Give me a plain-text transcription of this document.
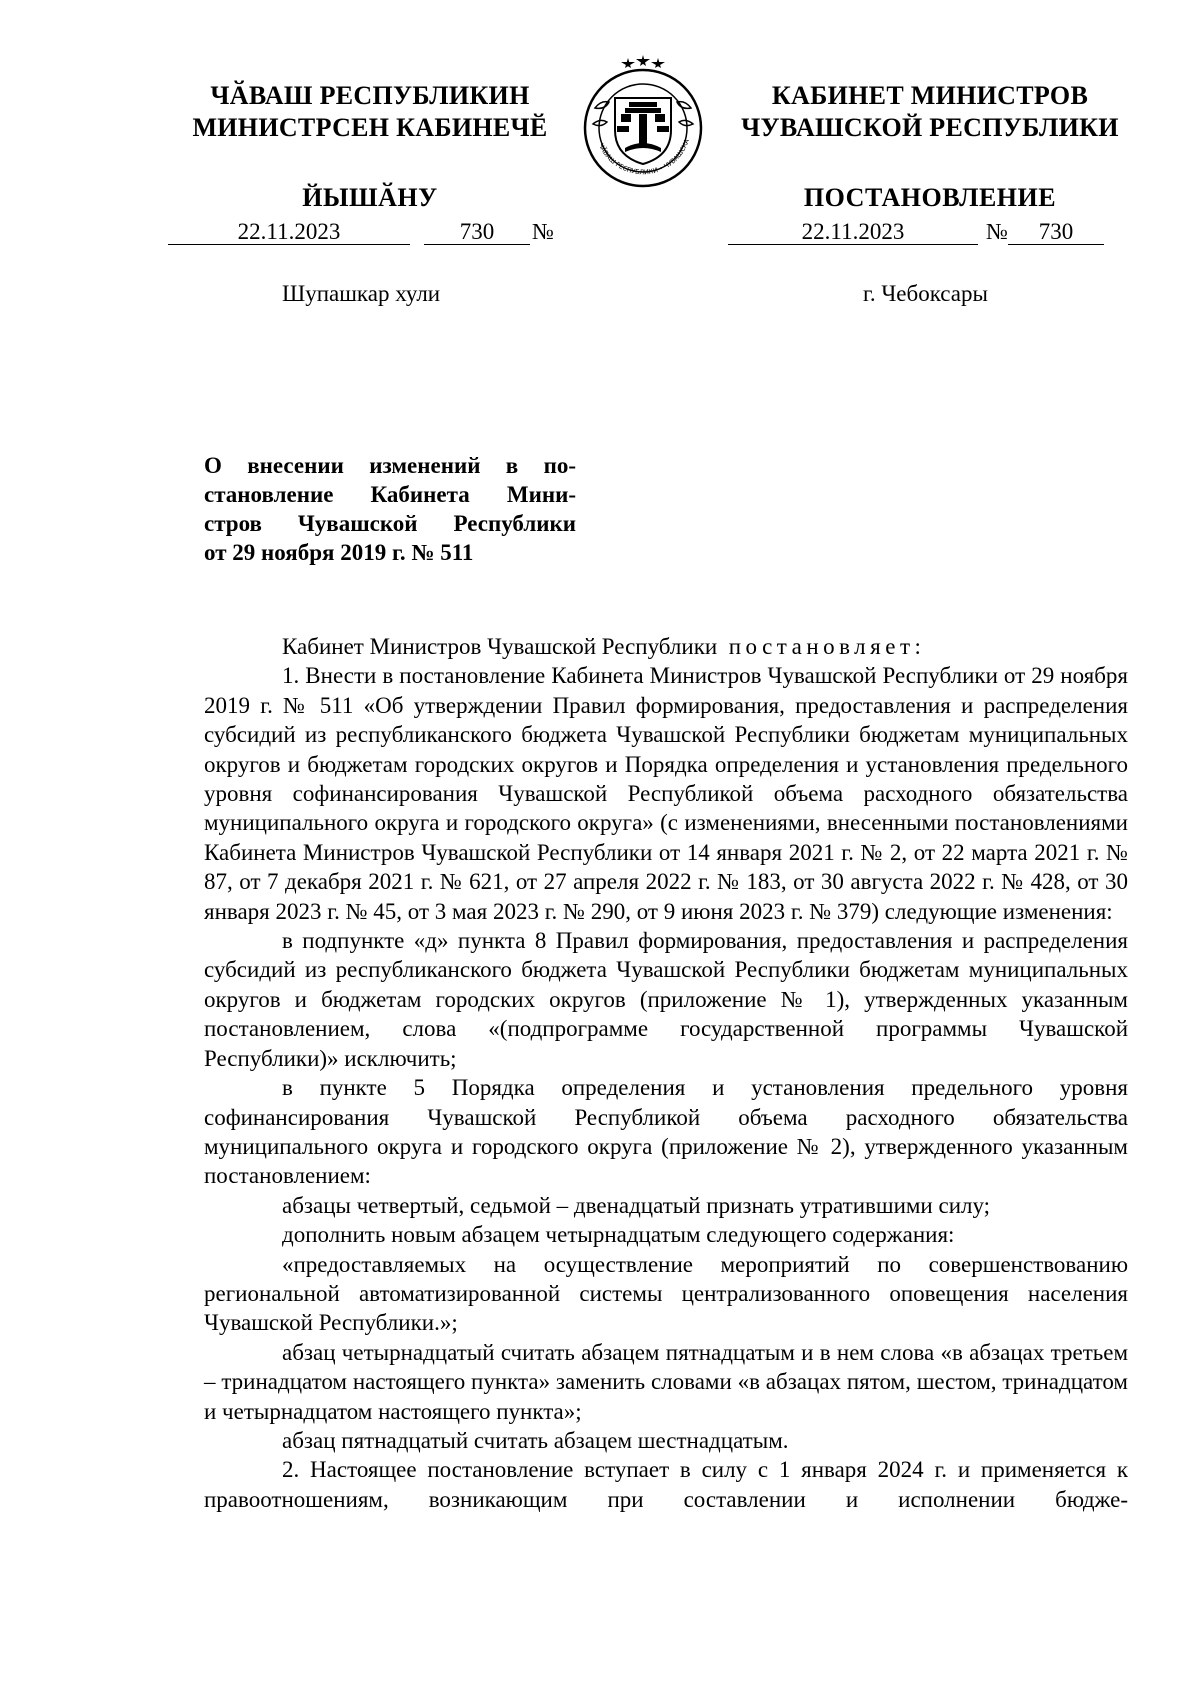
ЧӐВАШ РЕСПУБЛИКИН
МИНИСТРСЕН КАБИНЕЧӖ
ЙЫШӐНУ
ЧĂВАШ РЕСПУБЛИКИ • ЧУВАШСКА
КАБИНЕТ МИНИСТРОВ
ЧУВАШСКОЙ РЕСПУБЛИКИ
ПОСТАНОВЛЕНИЕ
22.11.2023	730 №	22.11.2023	№ 730
Шупашкар хули	г. Чебоксары
О внесении изменений в по-
становление Кабинета Мини-
стров Чувашской Республики
от 29 ноября 2019 г. № 511

Кабинет Министров Чувашской Республики постановляет:

1. Внести в постановление Кабинета Министров Чувашской Республики от 29 ноября 2019 г. № 511 «Об утверждении Правил формирования, предоставления и распределения субсидий из республиканского бюджета Чувашской Республики бюджетам муниципальных округов и бюджетам городских округов и Порядка определения и установления предельного уровня софинансирования Чувашской Республикой объема расходного обязательства муниципального округа и городского округа» (с изменениями, внесенными постановлениями Кабинета Министров Чувашской Республики от 14 января 2021 г. № 2, от 22 марта 2021 г. № 87, от 7 декабря 2021 г. № 621, от 27 апреля 2022 г. № 183, от 30 августа 2022 г. № 428, от 30 января 2023 г. № 45, от 3 мая 2023 г. № 290, от 9 июня 2023 г. № 379) следующие изменения:

в подпункте «д» пункта 8 Правил формирования, предоставления и распределения субсидий из республиканского бюджета Чувашской Республики бюджетам муниципальных округов и бюджетам городских округов (приложение № 1), утвержденных указанным постановлением, слова «(подпрограмме государственной программы Чувашской Республики)» исключить;

в пункте 5 Порядка определения и установления предельного уровня софинансирования Чувашской Республикой объема расходного обязательства муниципального округа и городского округа (приложение № 2), утвержденного указанным постановлением:

абзацы четвертый, седьмой – двенадцатый признать утратившими силу;

дополнить новым абзацем четырнадцатым следующего содержания:

«предоставляемых на осуществление мероприятий по совершенствованию региональной автоматизированной системы централизованного оповещения населения Чувашской Республики.»;

абзац четырнадцатый считать абзацем пятнадцатым и в нем слова «в абзацах третьем – тринадцатом настоящего пункта» заменить словами «в абзацах пятом, шестом, тринадцатом и четырнадцатом настоящего пункта»;

абзац пятнадцатый считать абзацем шестнадцатым.

2. Настоящее постановление вступает в силу с 1 января 2024 г. и применяется к правоотношениям, возникающим при составлении и исполнении бюдже-
